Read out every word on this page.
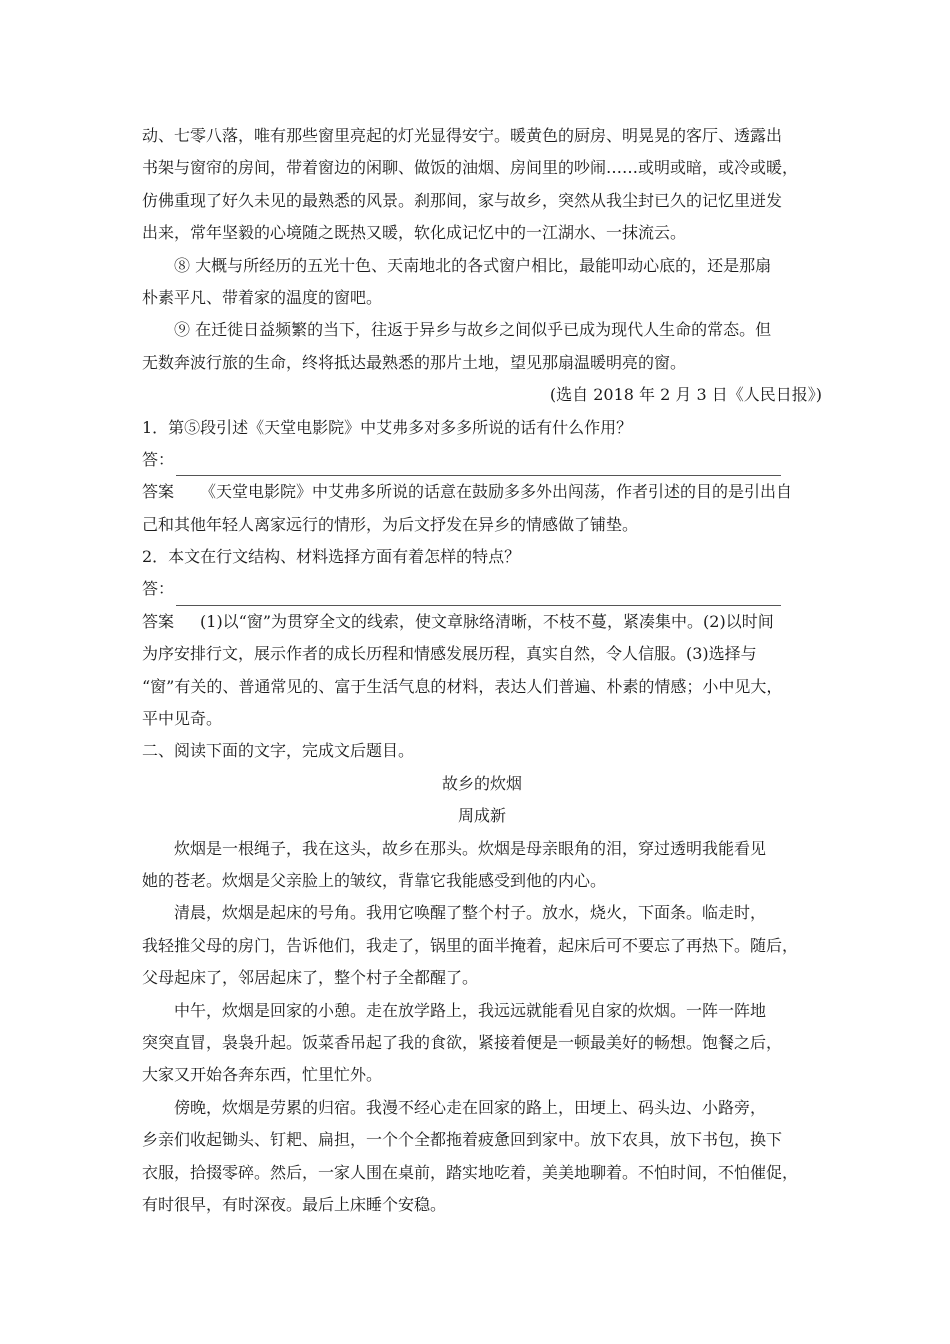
动、七零八落，唯有那些窗里亮起的灯光显得安宁。暖黄色的厨房、明晃晃的客厅、透露出
书架与窗帘的房间，带着窗边的闲聊、做饭的油烟、房间里的吵闹……或明或暗，或冷或暖，
仿佛重现了好久未见的最熟悉的风景。刹那间，家与故乡，突然从我尘封已久的记忆里迸发
出来，常年坚毅的心境随之既热又暖，软化成记忆中的一江湖水、一抹流云。
⑧ 大概与所经历的五光十色、天南地北的各式窗户相比，最能叩动心底的，还是那扇
朴素平凡、带着家的温度的窗吧。
⑨ 在迁徙日益频繁的当下，往返于异乡与故乡之间似乎已成为现代人生命的常态。但
无数奔波行旅的生命，终将抵达最熟悉的那片土地，望见那扇温暖明亮的窗。
(选自 2018 年 2 月 3 日《人民日报》)
1．第⑤段引述《天堂电影院》中艾弗多对多多所说的话有什么作用？
答：
答案 《天堂电影院》中艾弗多所说的话意在鼓励多多外出闯荡，作者引述的目的是引出自
己和其他年轻人离家远行的情形，为后文抒发在异乡的情感做了铺垫。
2．本文在行文结构、材料选择方面有着怎样的特点？
答：
答案 (1)以“窗”为贯穿全文的线索，使文章脉络清晰，不枝不蔓，紧凑集中。(2)以时间
为序安排行文，展示作者的成长历程和情感发展历程，真实自然，令人信服。(3)选择与
“窗”有关的、普通常见的、富于生活气息的材料，表达人们普遍、朴素的情感；小中见大，
平中见奇。
二、阅读下面的文字，完成文后题目。
故乡的炊烟
周成新
炊烟是一根绳子，我在这头，故乡在那头。炊烟是母亲眼角的泪，穿过透明我能看见
她的苍老。炊烟是父亲脸上的皱纹，背靠它我能感受到他的内心。
清晨，炊烟是起床的号角。我用它唤醒了整个村子。放水，烧火，下面条。临走时，
我轻推父母的房门，告诉他们，我走了，锅里的面半掩着，起床后可不要忘了再热下。随后，
父母起床了，邻居起床了，整个村子全都醒了。
中午，炊烟是回家的小憩。走在放学路上，我远远就能看见自家的炊烟。一阵一阵地
突突直冒，袅袅升起。饭菜香吊起了我的食欲，紧接着便是一顿最美好的畅想。饱餐之后，
大家又开始各奔东西，忙里忙外。
傍晚，炊烟是劳累的归宿。我漫不经心走在回家的路上，田埂上、码头边、小路旁，
乡亲们收起锄头、钉耙、扁担，一个个全都拖着疲惫回到家中。放下农具，放下书包，换下
衣服，拾掇零碎。然后，一家人围在桌前，踏实地吃着，美美地聊着。不怕时间，不怕催促，
有时很早，有时深夜。最后上床睡个安稳。
